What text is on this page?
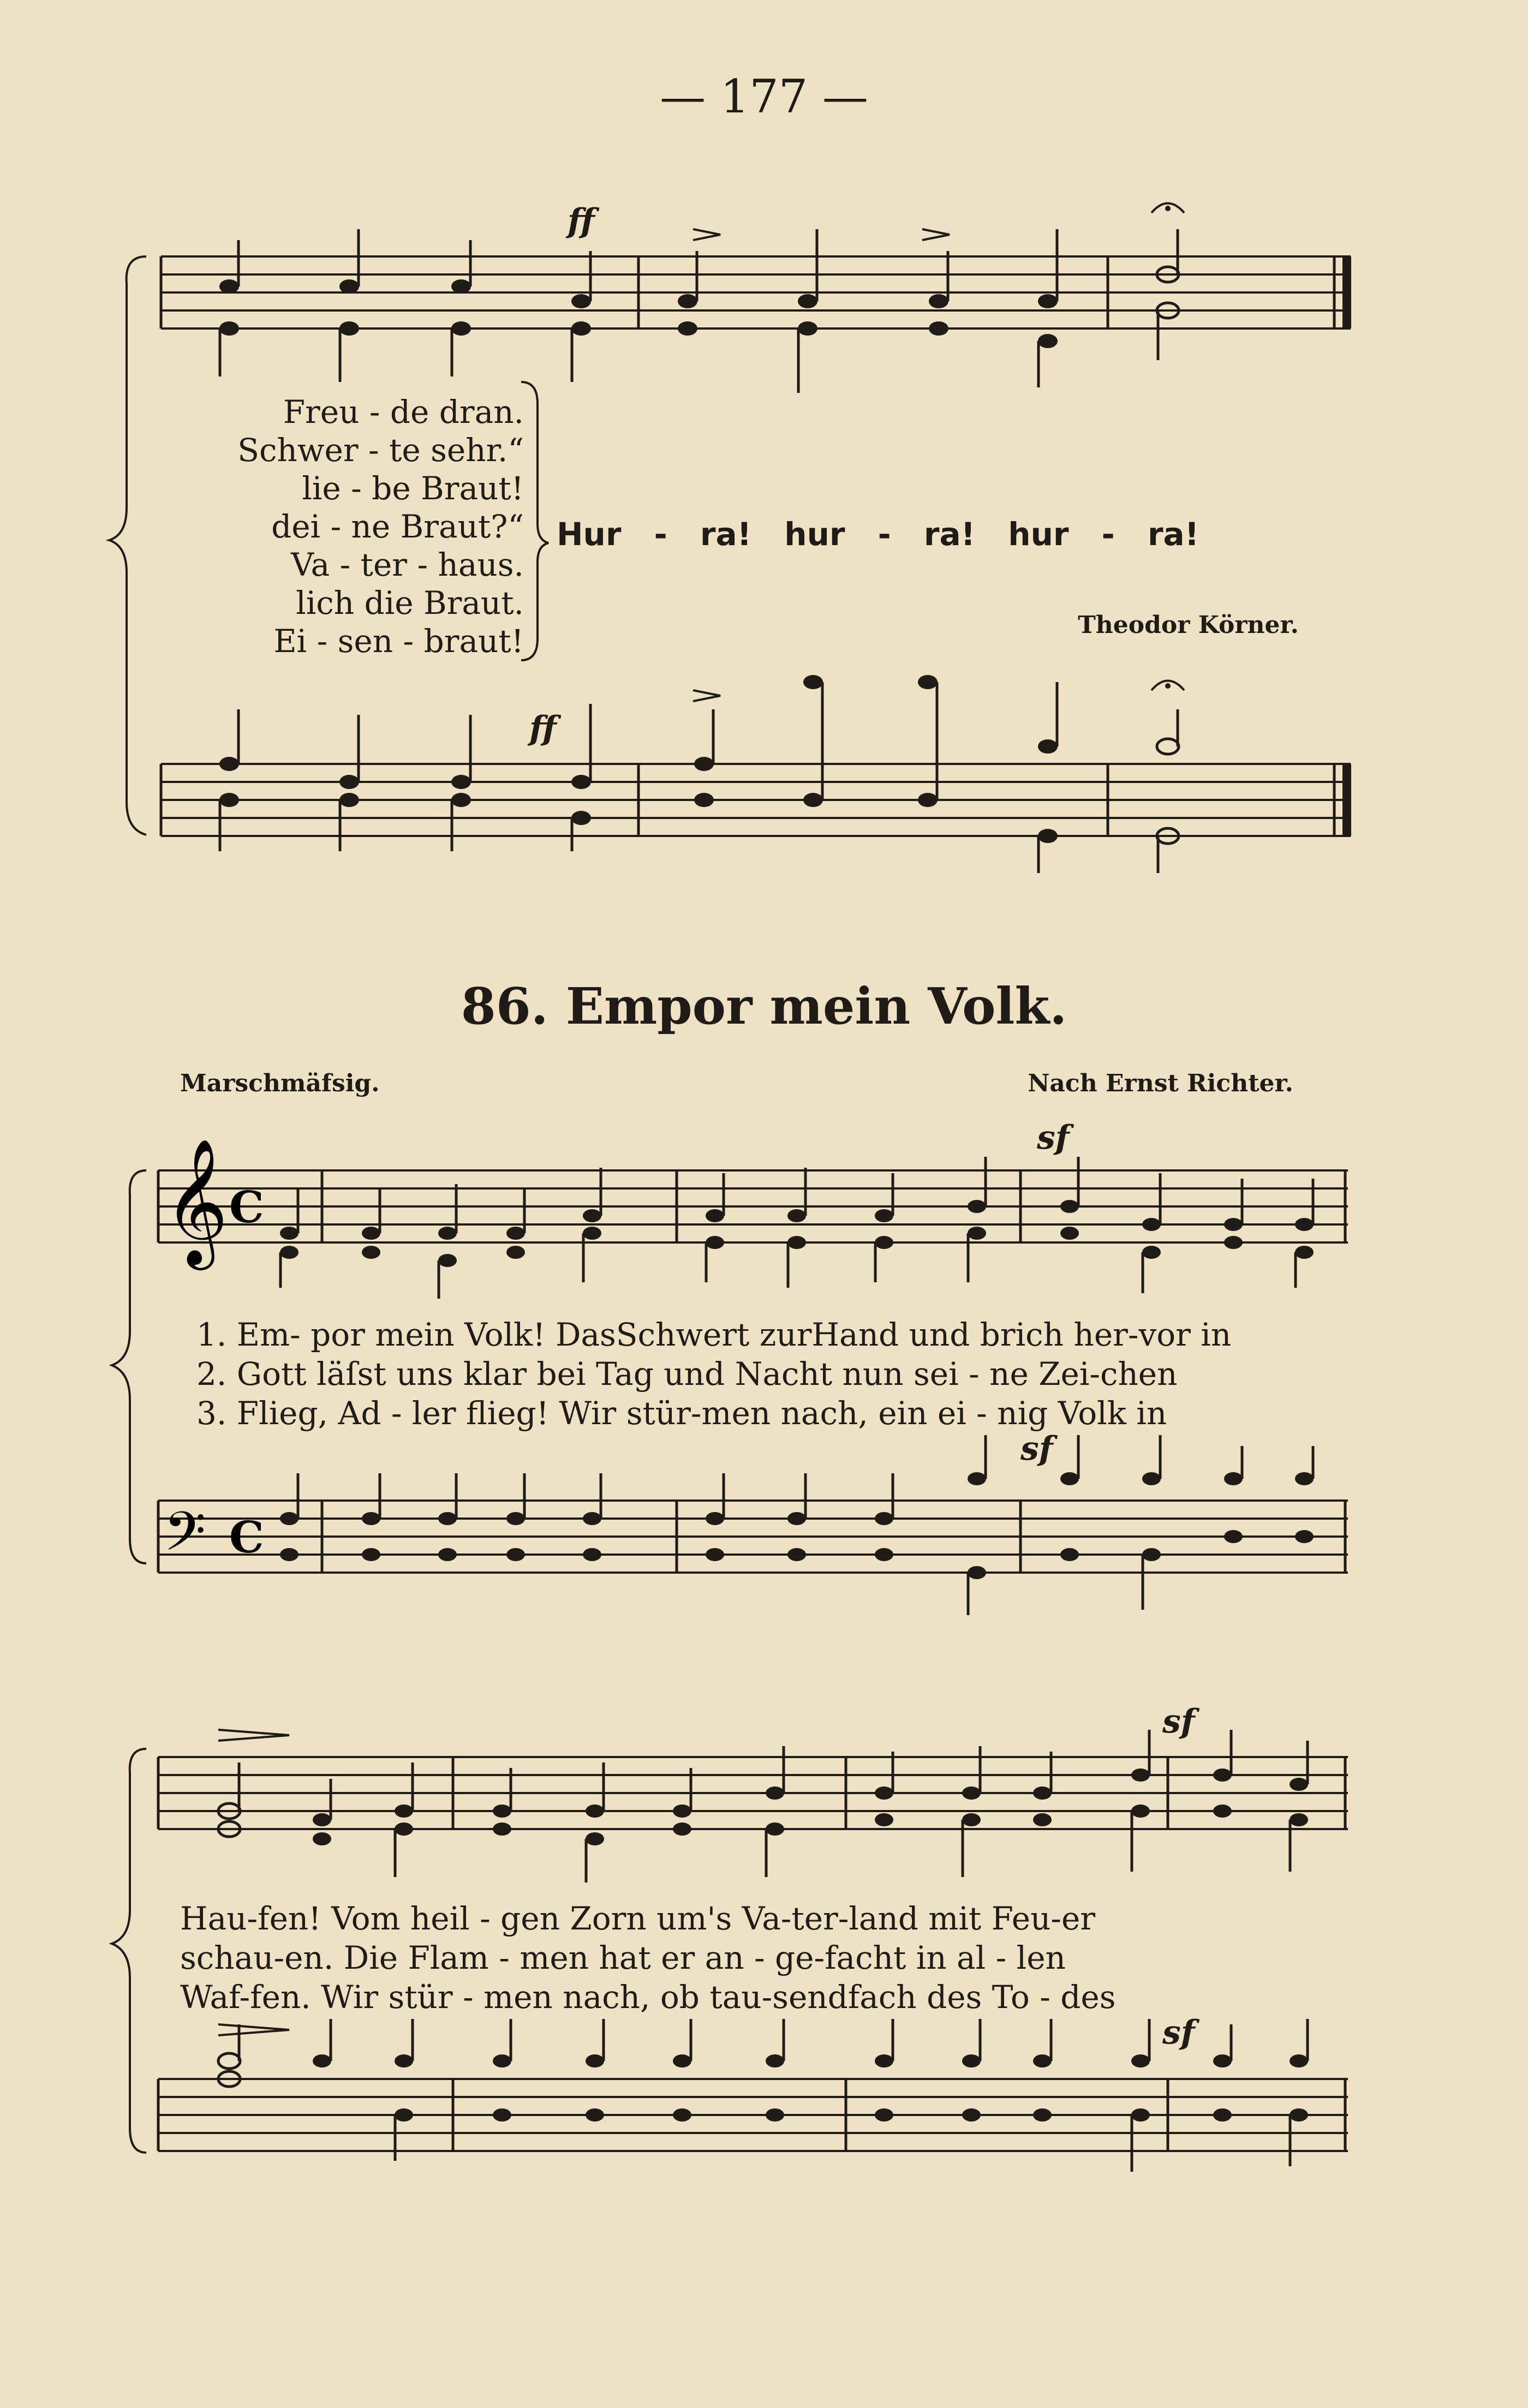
— 177 —
ff
ff
Freu - de dran.
Schwer - te sehr.“
lie - be Braut!
dei - ne Braut?“
Va - ter - haus.
lich die Braut.
Ei - sen - braut!
Hur - ra! hur - ra! hur - ra!
Theodor Körner.
86. Empor mein Volk.
Marschmäfsig.	Nach Ernst Richter.
𝄞 C
𝄢 C
sf
sf
1. Em- por mein Volk! DasSchwert zurHand und brich her-vor in
2. Gott läſst uns klar bei Tag und Nacht nun sei - ne Zei-chen
3. Flieg, Ad - ler flieg! Wir stür-men nach, ein ei - nig Volk in
sf
sf
Hau-fen! Vom heil - gen Zorn um's Va-ter-land mit Feu-er
schau-en. Die Flam - men hat er an - ge-facht in al - len
Waf-fen. Wir stür - men nach, ob tau-sendfach des To - des
